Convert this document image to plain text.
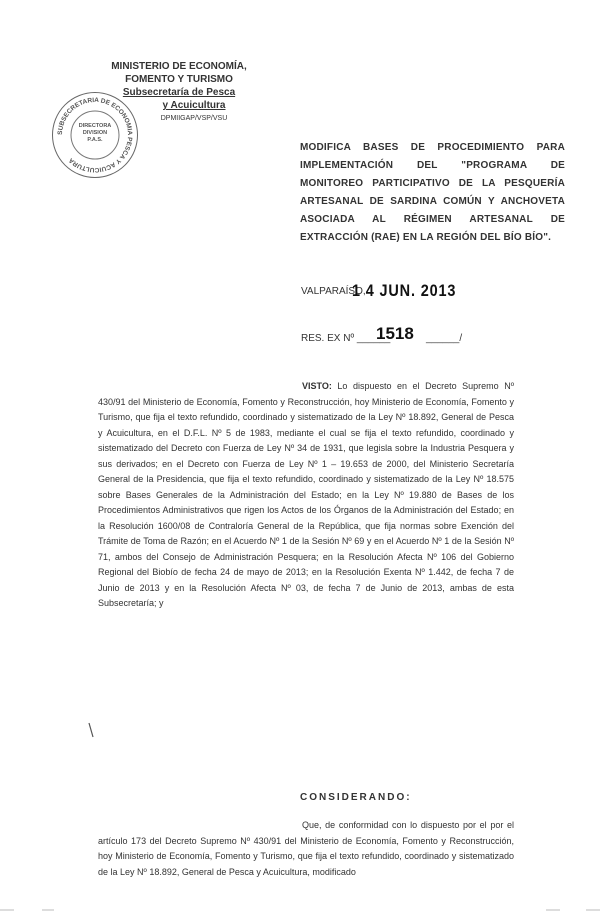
MINISTERIO DE ECONOMÍA,
FOMENTO Y TURISMO
Subsecretaría de Pesca
y Acuicultura
DPMIIGAP/VSP/VSU
SUBSECRETARIA DE ECONOMIA PESCA Y ACUICULTURA
DIRECTORA
DIVISION
P.A.S.
MODIFICA BASES DE PROCEDIMIENTO PARA IMPLEMENTACIÓN DEL "PROGRAMA DE MONITOREO PARTICIPATIVO DE LA PESQUERÍA ARTESANAL DE SARDINA COMÚN Y ANCHOVETA ASOCIADA AL RÉGIMEN ARTESANAL DE EXTRACCIÓN (RAE) EN LA REGIÓN DEL BÍO BÍO".
VALPARAÍSO,
1 4 JUN. 2013
RES. EX Nº ______
1518 ______/
VISTO: Lo dispuesto en el Decreto Supremo Nº 430/91 del Ministerio de Economía, Fomento y Reconstrucción, hoy Ministerio de Economía, Fomento y Turismo, que fija el texto refundido, coordinado y sistematizado de la Ley Nº 18.892, General de Pesca y Acuicultura, en el D.F.L. Nº 5 de 1983, mediante el cual se fija el texto refundido, coordinado y sistematizado del Decreto con Fuerza de Ley Nº 34 de 1931, que legisla sobre la Industria Pesquera y sus derivados; en el Decreto con Fuerza de Ley Nº 1 – 19.653 de 2000, del Ministerio Secretaría General de la Presidencia, que fija el texto refundido, coordinado y sistematizado de la Ley Nº 18.575 sobre Bases Generales de la Administración del Estado; en la Ley Nº 19.880 de Bases de los Procedimientos Administrativos que rigen los Actos de los Órganos de la Administración del Estado; en la Resolución 1600/08 de Contraloría General de la República, que fija normas sobre Exención del Trámite de Toma de Razón; en el Acuerdo Nº 1 de la Sesión Nº 69 y en el Acuerdo Nº 1 de la Sesión Nº 71, ambos del Consejo de Administración Pesquera; en la Resolución Afecta Nº 106 del Gobierno Regional del Biobío de fecha 24 de mayo de 2013; en la Resolución Exenta Nº 1.442, de fecha 7 de Junio de 2013 y en la Resolución Afecta Nº 03, de fecha 7 de Junio de 2013, ambas de esta Subsecretaría; y
CONSIDERANDO:
Que, de conformidad con lo dispuesto por el por el artículo 173 del Decreto Supremo Nº 430/91 del Ministerio de Economía, Fomento y Reconstrucción, hoy Ministerio de Economía, Fomento y Turismo, que fija el texto refundido, coordinado y sistematizado de la Ley Nº 18.892, General de Pesca y Acuicultura, modificado
